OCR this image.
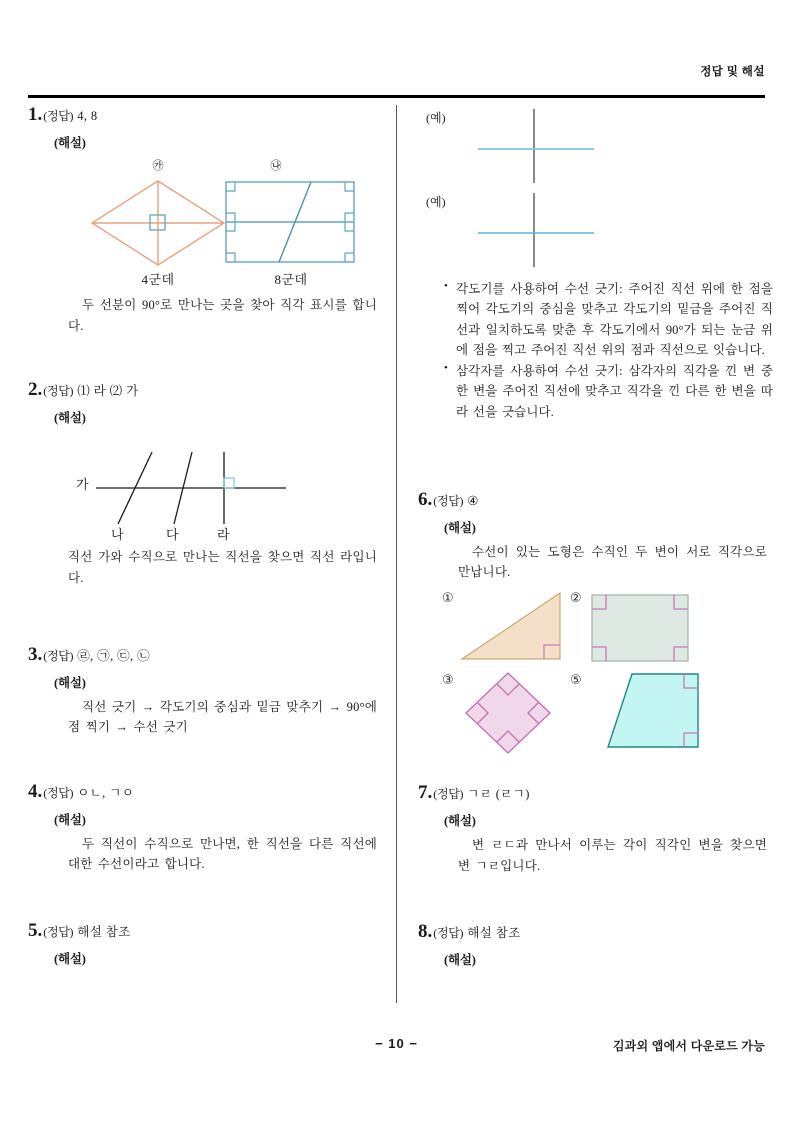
정답 및 해설
1. (정답) 4, 8
(해설)
㉮	㉯
4군데	8군데
두 선분이 90°로 만나는 곳을 찾아 직각 표시를 합니다.
2. (정답) ⑴ 라 ⑵ 가
(해설)
가
나	다	라
직선 가와 수직으로 만나는 직선을 찾으면 직선 라입니다.
3. (정답) ㉣, ㉠, ㉢, ㉡
(해설)
직선 긋기 → 각도기의 중심과 밑금 맞추기 → 90°에 점 찍기 → 수선 긋기
4. (정답) ㅇㄴ, ㄱㅇ
(해설)
두 직선이 수직으로 만나면, 한 직선을 다른 직선에 대한 수선이라고 합니다.
5. (정답) 해설 참조
(해설)
(예)
(예)
• 각도기를 사용하여 수선 긋기: 주어진 직선 위에 한 점을 찍어 각도기의 중심을 맞추고 각도기의 밑금을 주어진 직선과 일치하도록 맞춘 후 각도기에서 90°가 되는 눈금 위에 점을 찍고 주어진 직선 위의 점과 직선으로 잇습니다.
• 삼각자를 사용하여 수선 긋기: 삼각자의 직각을 낀 변 중 한 변을 주어진 직선에 맞추고 직각을 낀 다른 한 변을 따라 선을 긋습니다.
6. (정답) ④
(해설)
수선이 있는 도형은 수직인 두 변이 서로 직각으로 만납니다.
①	②
③	⑤
7. (정답) ㄱㄹ (ㄹㄱ)
(해설)
변 ㄹㄷ과 만나서 이루는 각이 직각인 변을 찾으면 변 ㄱㄹ입니다.
8. (정답) 해설 참조
(해설)
− 10 −	김과외 앱에서 다운로드 가능
